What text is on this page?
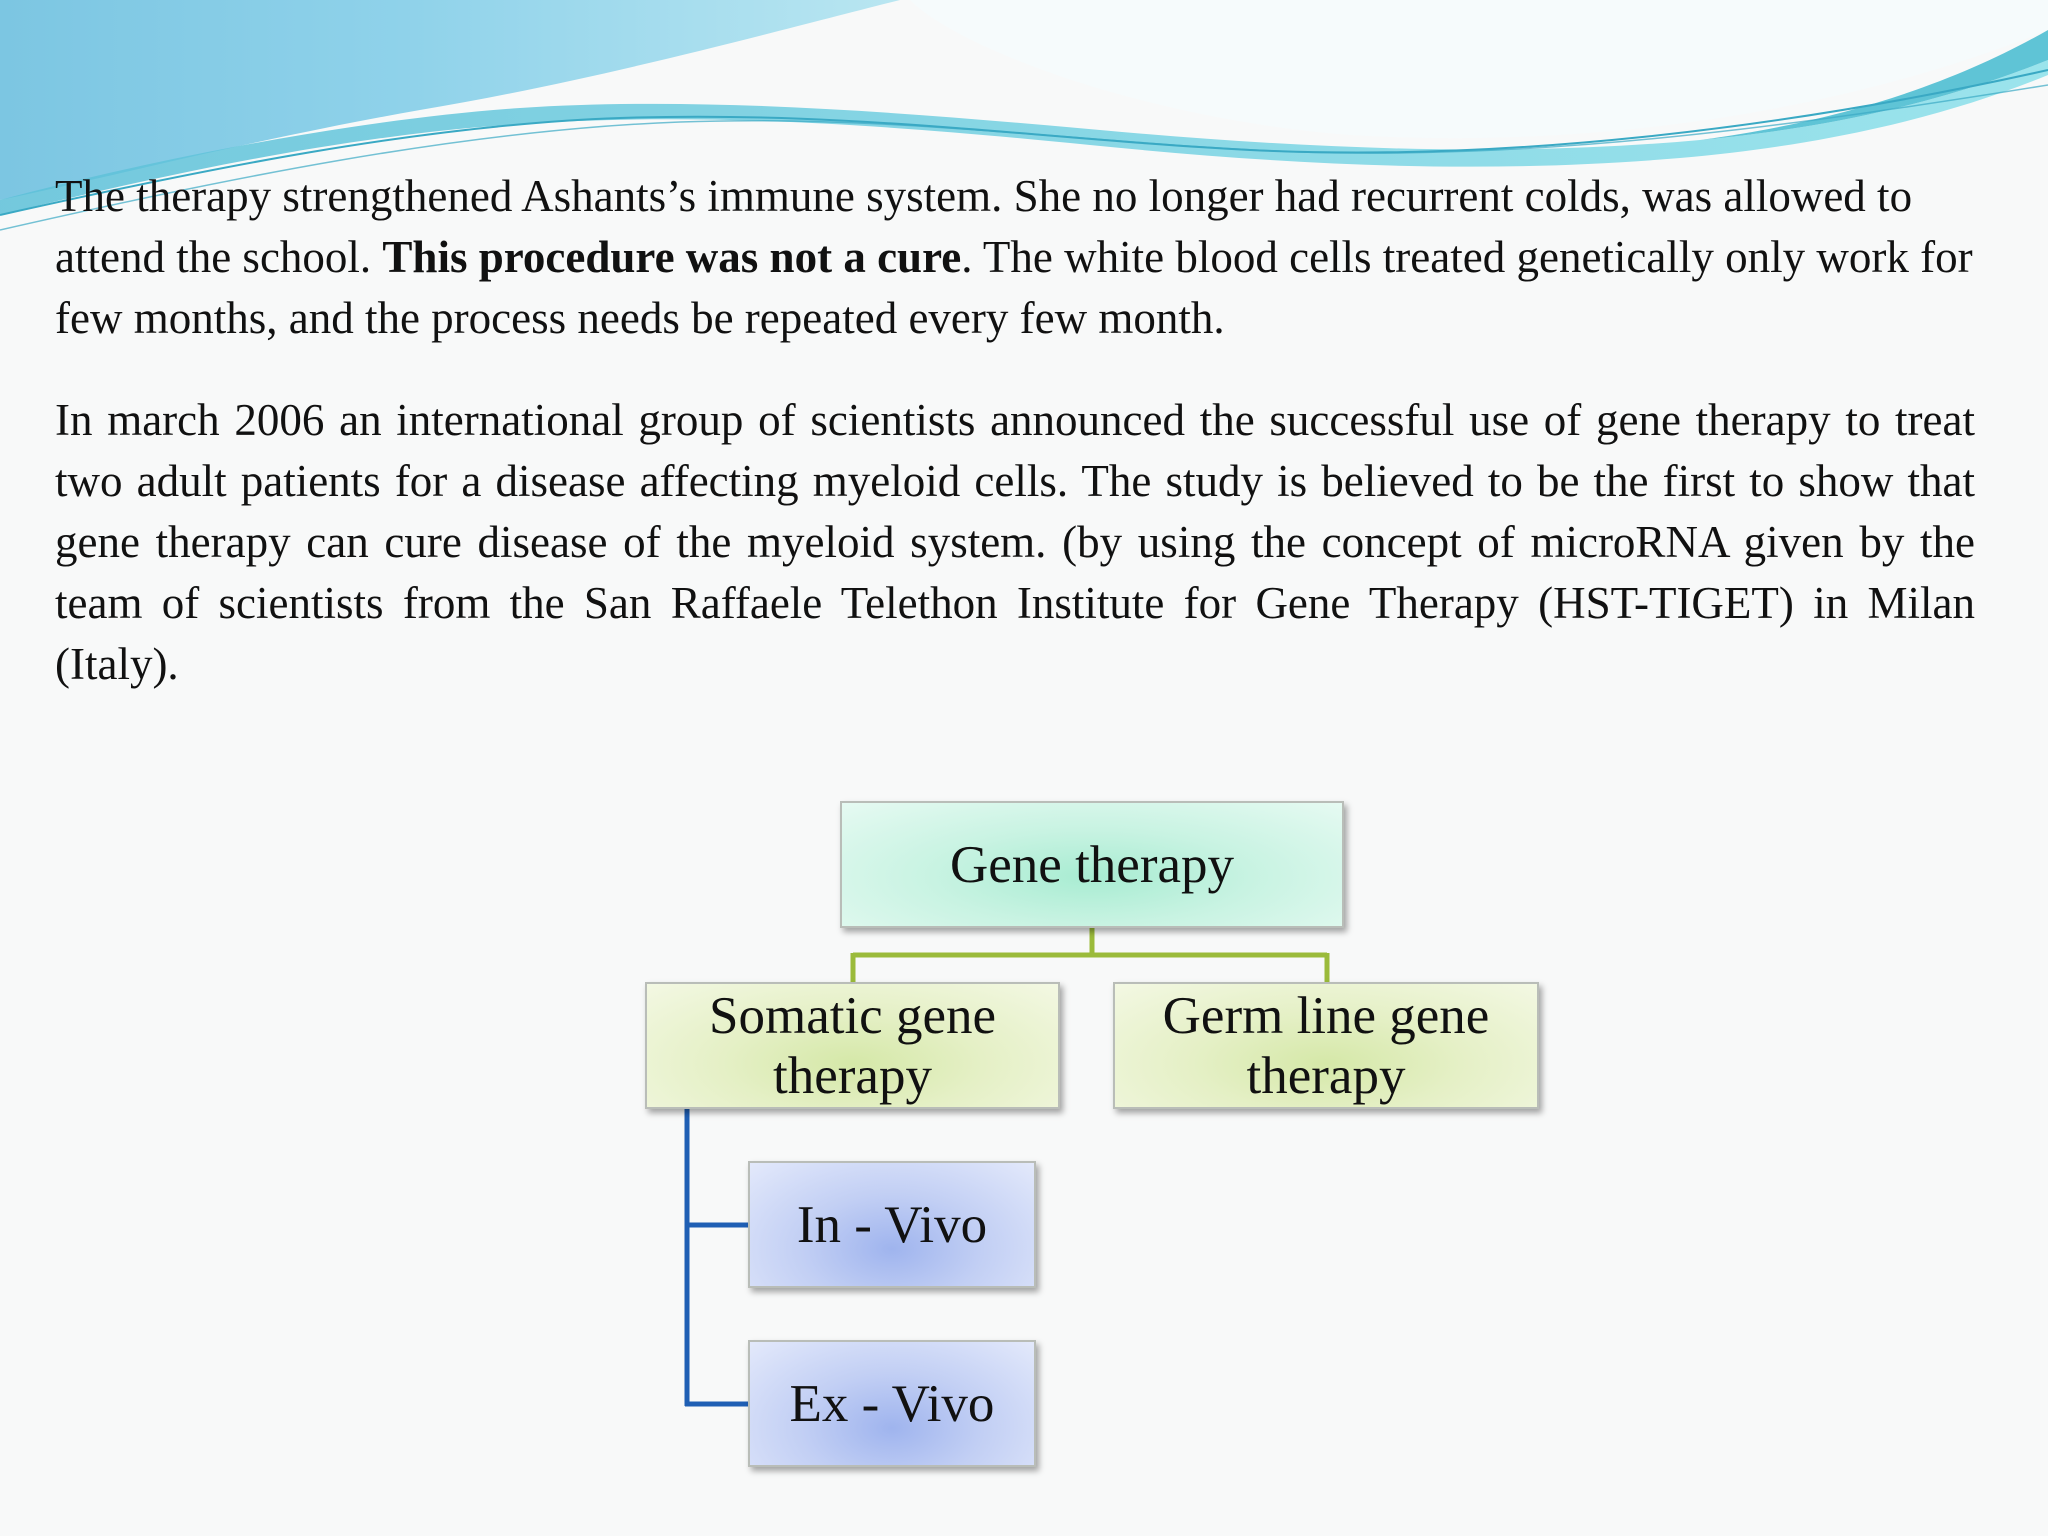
The therapy strengthened Ashants’s immune system. She no longer had recurrent colds, was allowed to attend the school. This procedure was not a cure. The white blood cells treated genetically only work for few months, and the process needs be repeated every few month.

In march 2006 an international group of scientists announced the successful use of gene therapy to treat two adult patients for a disease affecting myeloid cells. The study is believed to be the first to show that gene therapy can cure disease of the myeloid system. (by using the concept of microRNA given by the team of scientists from the San Raffaele Telethon Institute for Gene Therapy (HST-TIGET) in Milan (Italy).

Gene therapy
Somatic gene therapy
Germ line gene therapy
In - Vivo
Ex - Vivo
